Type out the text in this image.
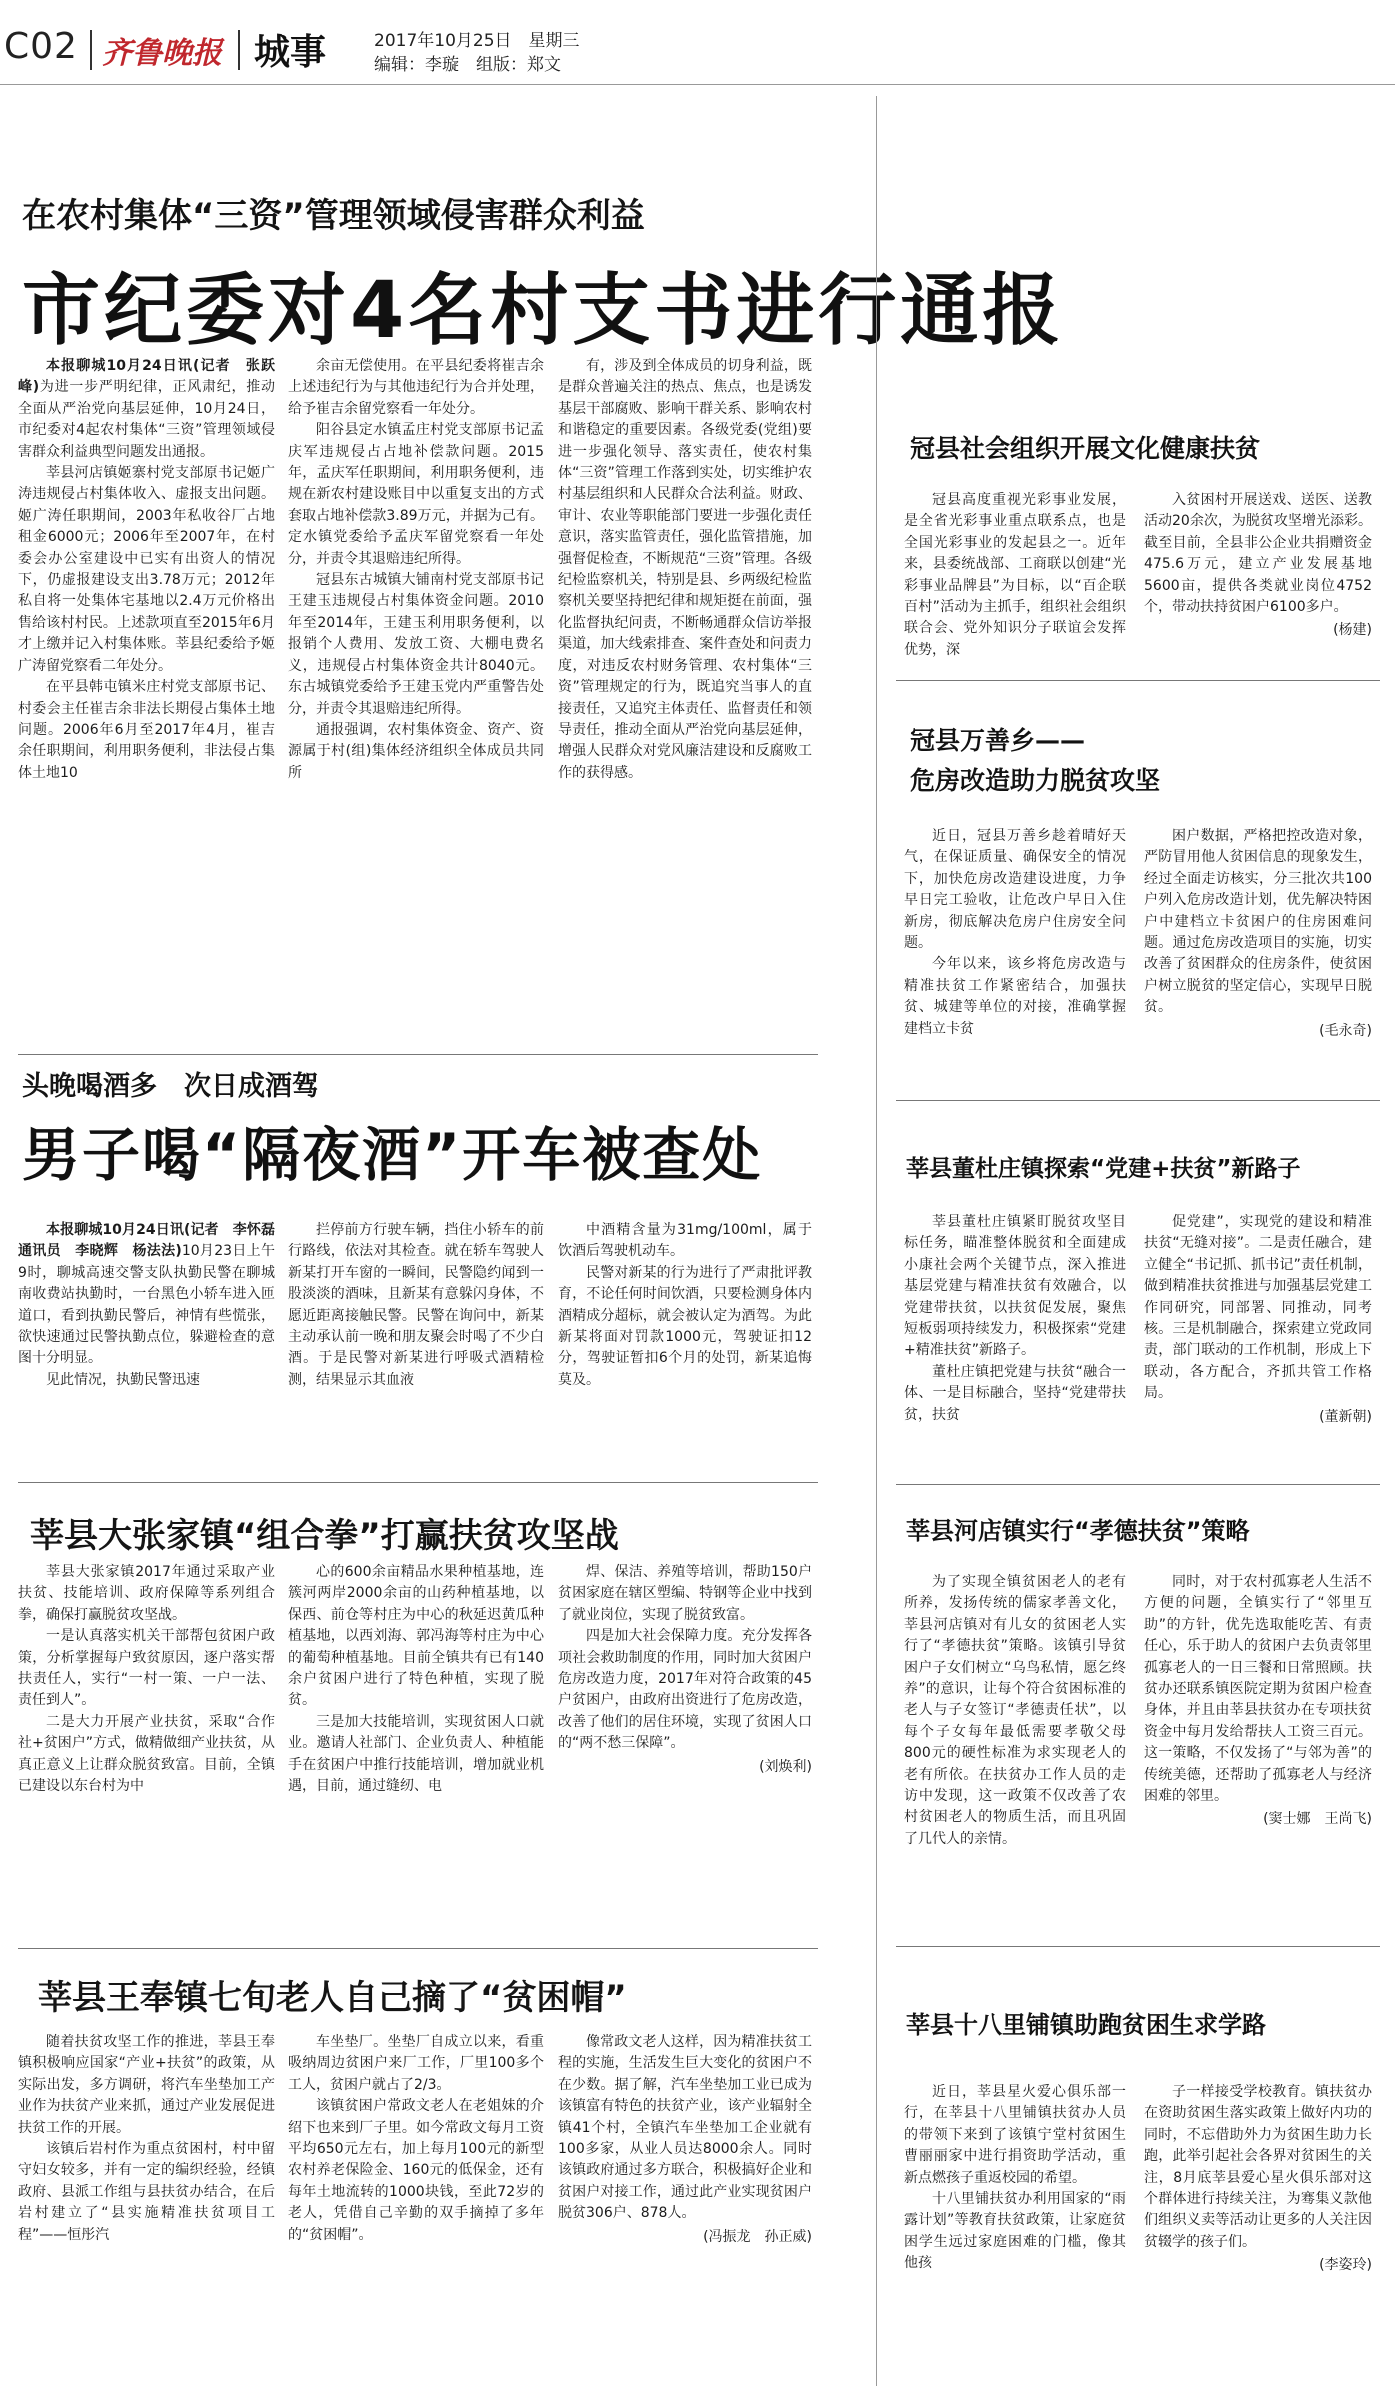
C02 齐鲁晚报 城事	2017年10月25日　星期三
编辑：李璇　组版：郑文
在农村集体“三资”管理领域侵害群众利益
市纪委对4名村支书进行通报

本报聊城10月24日讯(记者　张跃峰)为进一步严明纪律，正风肃纪，推动全面从严治党向基层延伸，10月24日，市纪委对4起农村集体“三资”管理领域侵害群众利益典型问题发出通报。

莘县河店镇姬寨村党支部原书记姬广涛违规侵占村集体收入、虚报支出问题。姬广涛任职期间，2003年私收谷厂占地租金6000元；2006年至2007年，在村委会办公室建设中已实有出资人的情况下，仍虚报建设支出3.78万元；2012年私自将一处集体宅基地以2.4万元价格出售给该村村民。上述款项直至2015年6月才上缴并记入村集体账。莘县纪委给予姬广涛留党察看二年处分。

在平县韩屯镇米庄村党支部原书记、村委会主任崔吉余非法长期侵占集体土地问题。2006年6月至2017年4月，崔吉余任职期间，利用职务便利，非法侵占集体土地10

余亩无偿使用。在平县纪委将崔吉余上述违纪行为与其他违纪行为合并处理，给予崔吉余留党察看一年处分。

阳谷县定水镇孟庄村党支部原书记孟庆军违规侵占占地补偿款问题。2015年，孟庆军任职期间，利用职务便利，违规在新农村建设账目中以重复支出的方式套取占地补偿款3.89万元，并据为己有。定水镇党委给予孟庆军留党察看一年处分，并责令其退赔违纪所得。

冠县东古城镇大铺南村党支部原书记王建玉违规侵占村集体资金问题。2010年至2014年，王建玉利用职务便利，以报销个人费用、发放工资、大棚电费名义，违规侵占村集体资金共计8040元。东古城镇党委给予王建玉党内严重警告处分，并责令其退赔违纪所得。

通报强调，农村集体资金、资产、资源属于村(组)集体经济组织全体成员共同所

有，涉及到全体成员的切身利益，既是群众普遍关注的热点、焦点，也是诱发基层干部腐败、影响干群关系、影响农村和谐稳定的重要因素。各级党委(党组)要进一步强化领导、落实责任，使农村集体“三资”管理工作落到实处，切实维护农村基层组织和人民群众合法利益。财政、审计、农业等职能部门要进一步强化责任意识，落实监管责任，强化监管措施，加强督促检查，不断规范“三资”管理。各级纪检监察机关，特别是县、乡两级纪检监察机关要坚持把纪律和规矩挺在前面，强化监督执纪问责，不断畅通群众信访举报渠道，加大线索排查、案件查处和问责力度，对违反农村财务管理、农村集体“三资”管理规定的行为，既追究当事人的直接责任，又追究主体责任、监督责任和领导责任，推动全面从严治党向基层延伸，增强人民群众对党风廉洁建设和反腐败工作的获得感。

头晚喝酒多　次日成酒驾
男子喝“隔夜酒”开车被查处

本报聊城10月24日讯(记者　李怀磊　通讯员　李晓辉　杨法法)10月23日上午9时，聊城高速交警支队执勤民警在聊城南收费站执勤时，一台黑色小轿车进入匝道口，看到执勤民警后，神情有些慌张，欲快速通过民警执勤点位，躲避检查的意图十分明显。

见此情况，执勤民警迅速

拦停前方行驶车辆，挡住小轿车的前行路线，依法对其检查。就在轿车驾驶人新某打开车窗的一瞬间，民警隐约闻到一股淡淡的酒味，且新某有意躲闪身体，不愿近距离接触民警。民警在询问中，新某主动承认前一晚和朋友聚会时喝了不少白酒。于是民警对新某进行呼吸式酒精检测，结果显示其血液

中酒精含量为31mg/100ml，属于饮酒后驾驶机动车。

民警对新某的行为进行了严肃批评教育，不论任何时间饮酒，只要检测身体内酒精成分超标，就会被认定为酒驾。为此新某将面对罚款1000元，驾驶证扣12分，驾驶证暂扣6个月的处罚，新某追悔莫及。

莘县大张家镇“组合拳”打赢扶贫攻坚战

莘县大张家镇2017年通过采取产业扶贫、技能培训、政府保障等系列组合拳，确保打赢脱贫攻坚战。

一是认真落实机关干部帮包贫困户政策，分析掌握每户致贫原因，逐户落实帮扶责任人，实行“一村一策、一户一法、责任到人”。

二是大力开展产业扶贫，采取“合作社+贫困户”方式，做精做细产业扶贫，从真正意义上让群众脱贫致富。目前，全镇已建设以东台村为中

心的600余亩精品水果种植基地，连簇河两岸2000余亩的山药种植基地，以保西、前仓等村庄为中心的秋延迟黄瓜种植基地，以西刘海、郭冯海等村庄为中心的葡萄种植基地。目前全镇共有已有140余户贫困户进行了特色种植，实现了脱贫。

三是加大技能培训，实现贫困人口就业。邀请人社部门、企业负责人、种植能手在贫困户中推行技能培训，增加就业机遇，目前，通过缝纫、电

焊、保洁、养殖等培训，帮助150户贫困家庭在辖区塑编、特钢等企业中找到了就业岗位，实现了脱贫致富。

四是加大社会保障力度。充分发挥各项社会救助制度的作用，同时加大贫困户危房改造力度，2017年对符合政策的45户贫困户，由政府出资进行了危房改造，改善了他们的居住环境，实现了贫困人口的“两不愁三保障”。

(刘焕利)
莘县王奉镇七旬老人自己摘了“贫困帽”

随着扶贫攻坚工作的推进，莘县王奉镇积极响应国家“产业+扶贫”的政策，从实际出发，多方调研，将汽车坐垫加工产业作为扶贫产业来抓，通过产业发展促进扶贫工作的开展。

该镇后岩村作为重点贫困村，村中留守妇女较多，并有一定的编织经验，经镇政府、县派工作组与县扶贫办结合，在后岩村建立了“县实施精准扶贫项目工程”——恒彤汽

车坐垫厂。坐垫厂自成立以来，看重吸纳周边贫困户来厂工作，厂里100多个工人，贫困户就占了2/3。

该镇贫困户常政文老人在老姐妹的介绍下也来到厂子里。如今常政文每月工资平均650元左右，加上每月100元的新型农村养老保险金、160元的低保金，还有每年土地流转的1000块钱，至此72岁的老人，凭借自己辛勤的双手摘掉了多年的“贫困帽”。

像常政文老人这样，因为精准扶贫工程的实施，生活发生巨大变化的贫困户不在少数。据了解，汽车坐垫加工业已成为该镇富有特色的扶贫产业，该产业辐射全镇41个村，全镇汽车坐垫加工企业就有100多家，从业人员达8000余人。同时该镇政府通过多方联合，积极搞好企业和贫困户对接工作，通过此产业实现贫困户脱贫306户、878人。

(冯振龙　孙正威)
冠县社会组织开展文化健康扶贫

冠县高度重视光彩事业发展，是全省光彩事业重点联系点，也是全国光彩事业的发起县之一。近年来，县委统战部、工商联以创建“光彩事业品牌县”为目标，以“百企联百村”活动为主抓手，组织社会组织联合会、党外知识分子联谊会发挥优势，深

入贫困村开展送戏、送医、送教活动20余次，为脱贫攻坚增光添彩。截至目前，全县非公企业共捐赠资金475.6万元，建立产业发展基地5600亩，提供各类就业岗位4752个，带动扶持贫困户6100多户。

(杨建)
冠县万善乡——
危房改造助力脱贫攻坚

近日，冠县万善乡趁着晴好天气，在保证质量、确保安全的情况下，加快危房改造建设进度，力争早日完工验收，让危改户早日入住新房，彻底解决危房户住房安全问题。

今年以来，该乡将危房改造与精准扶贫工作紧密结合，加强扶贫、城建等单位的对接，准确掌握建档立卡贫

困户数据，严格把控改造对象，严防冒用他人贫困信息的现象发生，经过全面走访核实，分三批次共100户列入危房改造计划，优先解决特困户中建档立卡贫困户的住房困难问题。通过危房改造项目的实施，切实改善了贫困群众的住房条件，使贫困户树立脱贫的坚定信心，实现早日脱贫。

(毛永奇)
莘县董杜庄镇探索“党建+扶贫”新路子

莘县董杜庄镇紧盯脱贫攻坚目标任务，瞄准整体脱贫和全面建成小康社会两个关键节点，深入推进基层党建与精准扶贫有效融合，以党建带扶贫，以扶贫促发展，聚焦短板弱项持续发力，积极探索“党建+精准扶贫”新路子。

董杜庄镇把党建与扶贫“融合一体、一是目标融合，坚持“党建带扶贫，扶贫

促党建”，实现党的建设和精准扶贫“无缝对接”。二是责任融合，建立健全“书记抓、抓书记”责任机制，做到精准扶贫推进与加强基层党建工作同研究，同部署、同推动，同考核。三是机制融合，探索建立党政同责，部门联动的工作机制，形成上下联动，各方配合，齐抓共管工作格局。

(董新朝)
莘县河店镇实行“孝德扶贫”策略

为了实现全镇贫困老人的老有所养，发扬传统的儒家孝善文化，莘县河店镇对有儿女的贫困老人实行了“孝德扶贫”策略。该镇引导贫困户子女们树立“乌鸟私情，愿乞终养”的意识，让每个符合贫困标准的老人与子女签订“孝德责任状”，以每个子女每年最低需要孝敬父母800元的硬性标准为求实现老人的老有所依。在扶贫办工作人员的走访中发现，这一政策不仅改善了农村贫困老人的物质生活，而且巩固了几代人的亲情。

同时，对于农村孤寡老人生活不方便的问题，全镇实行了“邻里互助”的方针，优先选取能吃苦、有责任心，乐于助人的贫困户去负责邻里孤寡老人的一日三餐和日常照顾。扶贫办还联系镇医院定期为贫困户检查身体，并且由莘县扶贫办在专项扶贫资金中每月发给帮扶人工资三百元。这一策略，不仅发扬了“与邻为善”的传统美德，还帮助了孤寡老人与经济困难的邻里。

(窦士娜　王尚飞)
莘县十八里铺镇助跑贫困生求学路

近日，莘县星火爱心俱乐部一行，在莘县十八里铺镇扶贫办人员的带领下来到了该镇宁堂村贫困生曹丽丽家中进行捐资助学活动，重新点燃孩子重返校园的希望。

十八里铺扶贫办利用国家的“雨露计划”等教育扶贫政策，让家庭贫困学生远过家庭困难的门槛，像其他孩

子一样接受学校教育。镇扶贫办在资助贫困生落实政策上做好内功的同时，不忘借助外力为贫困生助力长跑，此举引起社会各界对贫困生的关注，8月底莘县爱心星火俱乐部对这个群体进行持续关注，为骞集义款他们组织义卖等活动让更多的人关注因贫辍学的孩子们。

(李姿玲)
